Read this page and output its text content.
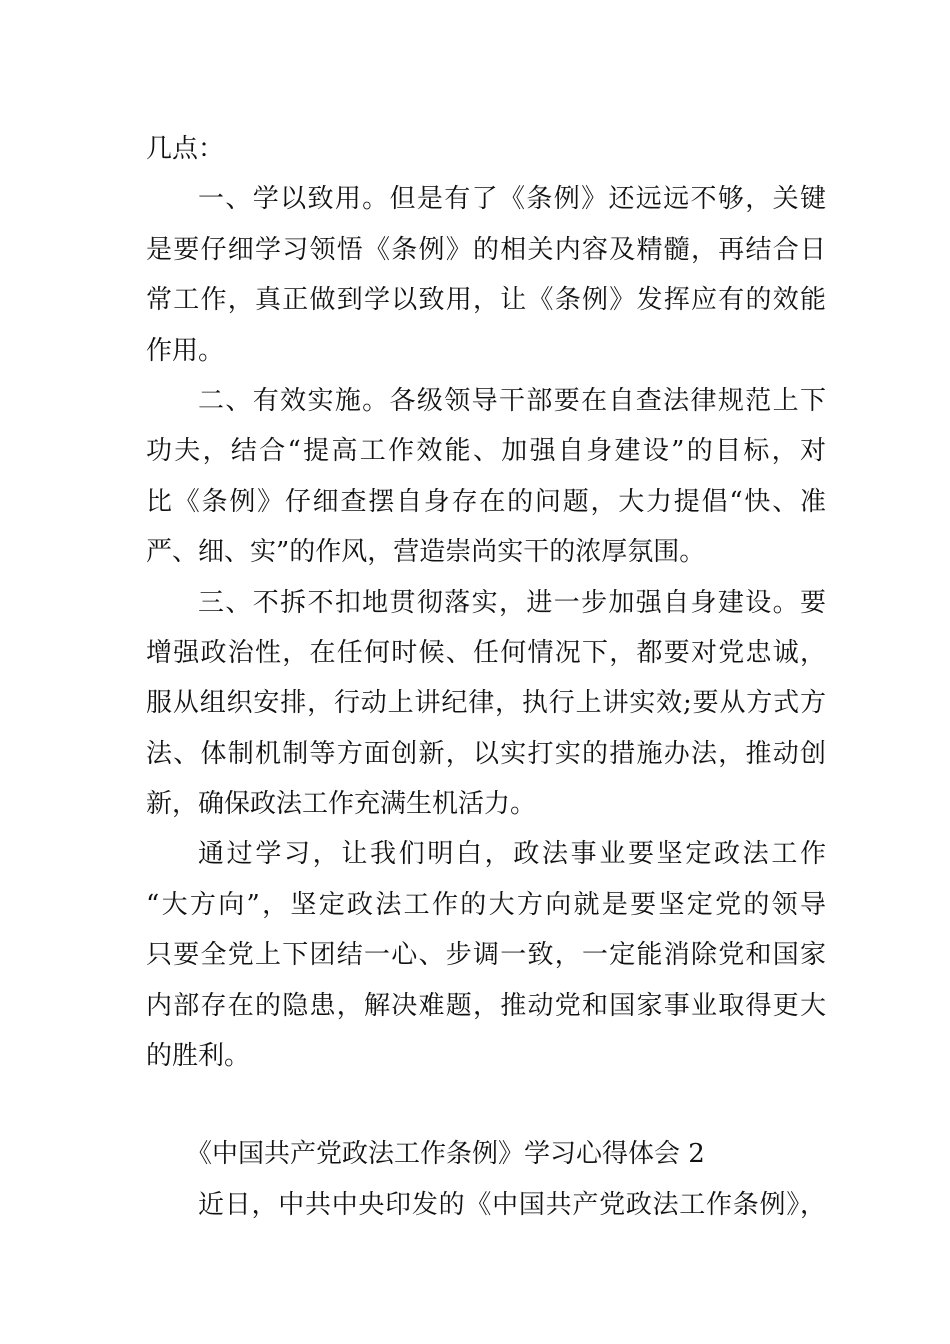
几点：
一、学以致用。但是有了《条例》还远远不够，关键
是要仔细学习领悟《条例》的相关内容及精髓，再结合日
常工作，真正做到学以致用，让《条例》发挥应有的效能
作用。
二、有效实施。各级领导干部要在自查法律规范上下
功夫，结合“提高工作效能、加强自身建设”的目标，对
比《条例》仔细查摆自身存在的问题，大力提倡“快、准
严、细、实”的作风，营造崇尚实干的浓厚氛围。
三、不拆不扣地贯彻落实，进一步加强自身建设。要
增强政治性，在任何时候、任何情况下，都要对党忠诚，
服从组织安排，行动上讲纪律，执行上讲实效;要从方式方
法、体制机制等方面创新，以实打实的措施办法，推动创
新，确保政法工作充满生机活力。
通过学习，让我们明白，政法事业要坚定政法工作
“大方向”，坚定政法工作的大方向就是要坚定党的领导
只要全党上下团结一心、步调一致，一定能消除党和国家
内部存在的隐患，解决难题，推动党和国家事业取得更大
的胜利。
《中国共产党政法工作条例》学习心得体会 2
近日，中共中央印发的《中国共产党政法工作条例》，
